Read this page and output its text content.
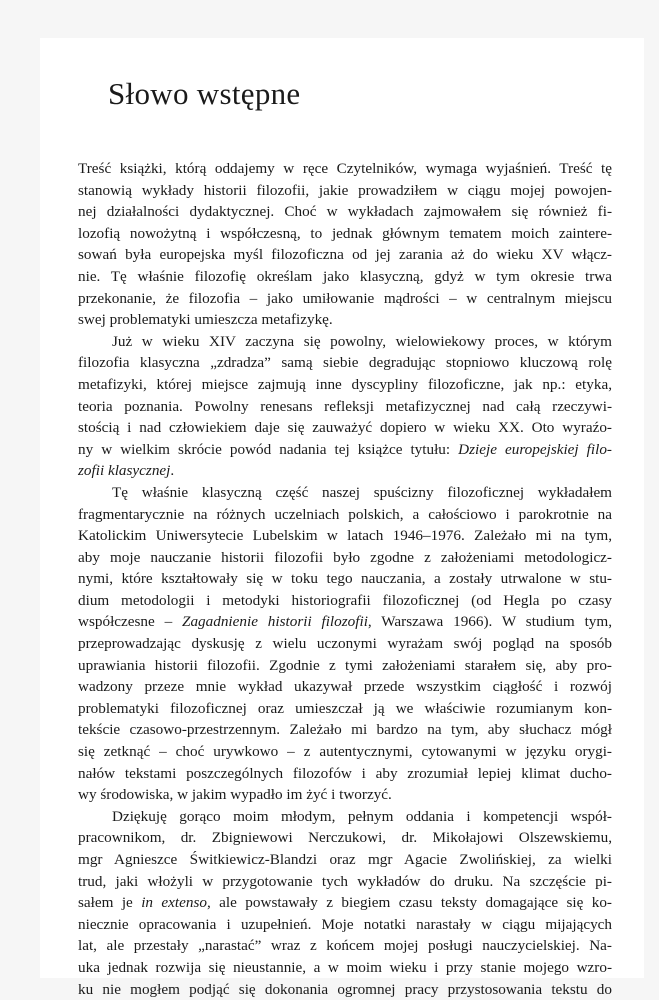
Słowo wstępne
Treść książki, którą oddajemy w ręce Czytelników, wymaga wyjaśnień. Treść tę
stanowią wykłady historii filozofii, jakie prowadziłem w ciągu mojej powojen-
nej działalności dydaktycznej. Choć w wykładach zajmowałem się również fi-
lozofią nowożytną i współczesną, to jednak głównym tematem moich zaintere-
sowań była europejska myśl filozoficzna od jej zarania aż do wieku XV włącz-
nie. Tę właśnie filozofię określam jako klasyczną, gdyż w tym okresie trwa
przekonanie, że filozofia – jako umiłowanie mądrości – w centralnym miejscu
swej problematyki umieszcza metafizykę.
Już w wieku XIV zaczyna się powolny, wielowiekowy proces, w którym
filozofia klasyczna „zdradza” samą siebie degradując stopniowo kluczową rolę
metafizyki, której miejsce zajmują inne dyscypliny filozoficzne, jak np.: etyka,
teoria poznania. Powolny renesans refleksji metafizycznej nad całą rzeczywi-
stością i nad człowiekiem daje się zauważyć dopiero w wieku XX. Oto wyraźo-
ny w wielkim skrócie powód nadania tej książce tytułu: Dzieje europejskiej filo-
zofii klasycznej.
Tę właśnie klasyczną część naszej spuścizny filozoficznej wykładałem
fragmentarycznie na różnych uczelniach polskich, a całościowo i parokrotnie na
Katolickim Uniwersytecie Lubelskim w latach 1946–1976. Zależało mi na tym,
aby moje nauczanie historii filozofii było zgodne z założeniami metodologicz-
nymi, które kształtowały się w toku tego nauczania, a zostały utrwalone w stu-
dium metodologii i metodyki historiografii filozoficznej (od Hegla po czasy
współczesne – Zagadnienie historii filozofii, Warszawa 1966). W studium tym,
przeprowadzając dyskusję z wielu uczonymi wyrażam swój pogląd na sposób
uprawiania historii filozofii. Zgodnie z tymi założeniami starałem się, aby pro-
wadzony przeze mnie wykład ukazywał przede wszystkim ciągłość i rozwój
problematyki filozoficznej oraz umieszczał ją we właściwie rozumianym kon-
tekście czasowo-przestrzennym. Zależało mi bardzo na tym, aby słuchacz mógł
się zetknąć – choć urywkowo – z autentycznymi, cytowanymi w języku orygi-
nałów tekstami poszczególnych filozofów i aby zrozumiał lepiej klimat ducho-
wy środowiska, w jakim wypadło im żyć i tworzyć.
Dziękuję gorąco moim młodym, pełnym oddania i kompetencji współ-
pracownikom, dr. Zbigniewowi Nerczukowi, dr. Mikołajowi Olszewskiemu,
mgr Agnieszce Świtkiewicz-Blandzi oraz mgr Agacie Zwolińskiej, za wielki
trud, jaki włożyli w przygotowanie tych wykładów do druku. Na szczęście pi-
sałem je in extenso, ale powstawały z biegiem czasu teksty domagające się ko-
niecznie opracowania i uzupełnień. Moje notatki narastały w ciągu mijających
lat, ale przestały „narastać” wraz z końcem mojej posługi nauczycielskiej. Na-
uka jednak rozwija się nieustannie, a w moim wieku i przy stanie mojego wzro-
ku nie mogłem podjąć się dokonania ogromnej pracy przystosowania tekstu do
